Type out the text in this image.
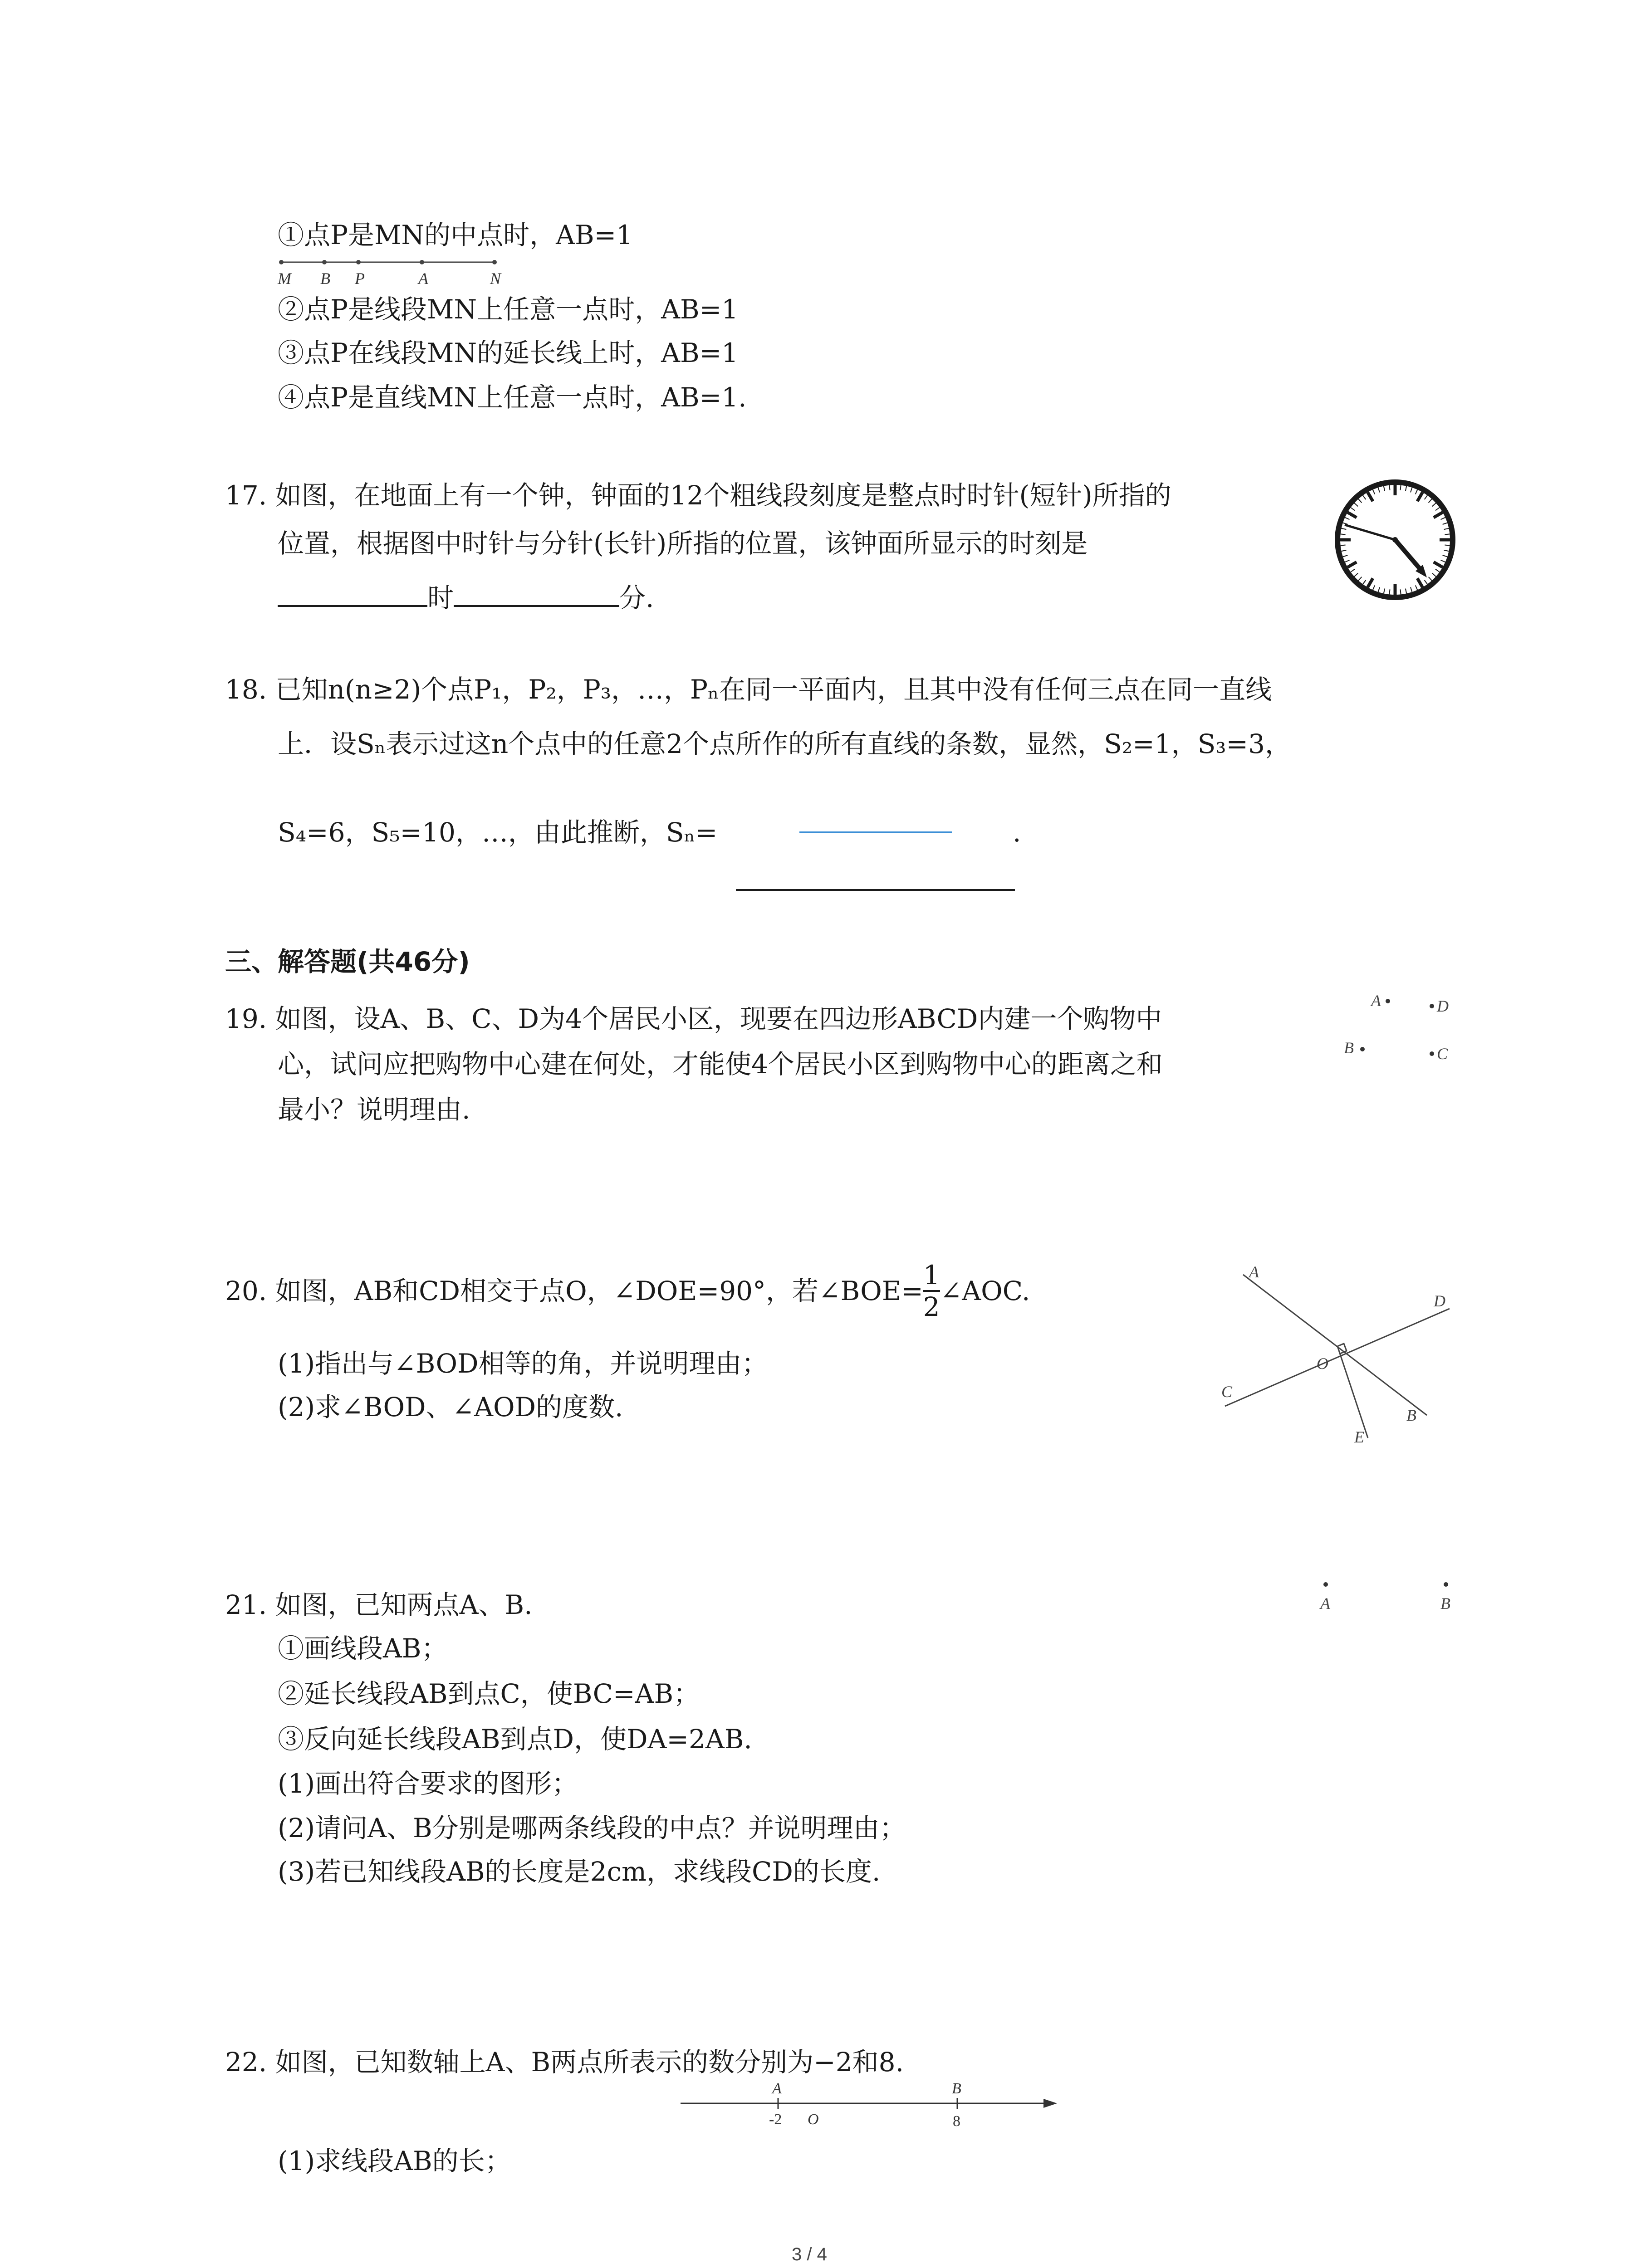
①点P是MN的中点时，AB=1
M B P	A	N
②点P是线段MN上任意一点时，AB=1
③点P在线段MN的延长线上时，AB=1
④点P是直线MN上任意一点时，AB=1.
17. 如图，在地面上有一个钟，钟面的12个粗线段刻度是整点时时针(短针)所指的
位置，根据图中时针与分针(长针)所指的位置，该钟面所显示的时刻是
时	分.
18. 已知n(n≥2)个点P₁，P₂，P₃，…，Pₙ在同一平面内，且其中没有任何三点在同一直线
上．设Sₙ表示过这n个点中的任意2个点所作的所有直线的条数，显然，S₂=1，S₃=3，
S₄=6，S₅=10，…，由此推断，Sₙ=	.
三、解答题(共46分)
19. 如图，设A、B、C、D为4个居民小区，现要在四边形ABCD内建一个购物中
心，试问应把购物中心建在何处，才能使4个居民小区到购物中心的距离之和
最小？说明理由.
A	D
B	C
20. 如图，AB和CD相交于点O，∠DOE=90°，若∠BOE= $\frac{1}{2}$ ∠AOC.
(1)指出与∠BOD相等的角，并说明理由；
(2)求∠BOD、∠AOD的度数.
A
D
C
O
B
E
21. 如图，已知两点A、B.
①画线段AB；
②延长线段AB到点C，使BC=AB；
③反向延长线段AB到点D，使DA=2AB.
(1)画出符合要求的图形；
(2)请问A、B分别是哪两条线段的中点？并说明理由；
(3)若已知线段AB的长度是2cm，求线段CD的长度.
A	B
22. 如图，已知数轴上A、B两点所表示的数分别为−2和8.
A
-2 O
B
8
(1)求线段AB的长；
3 / 4
